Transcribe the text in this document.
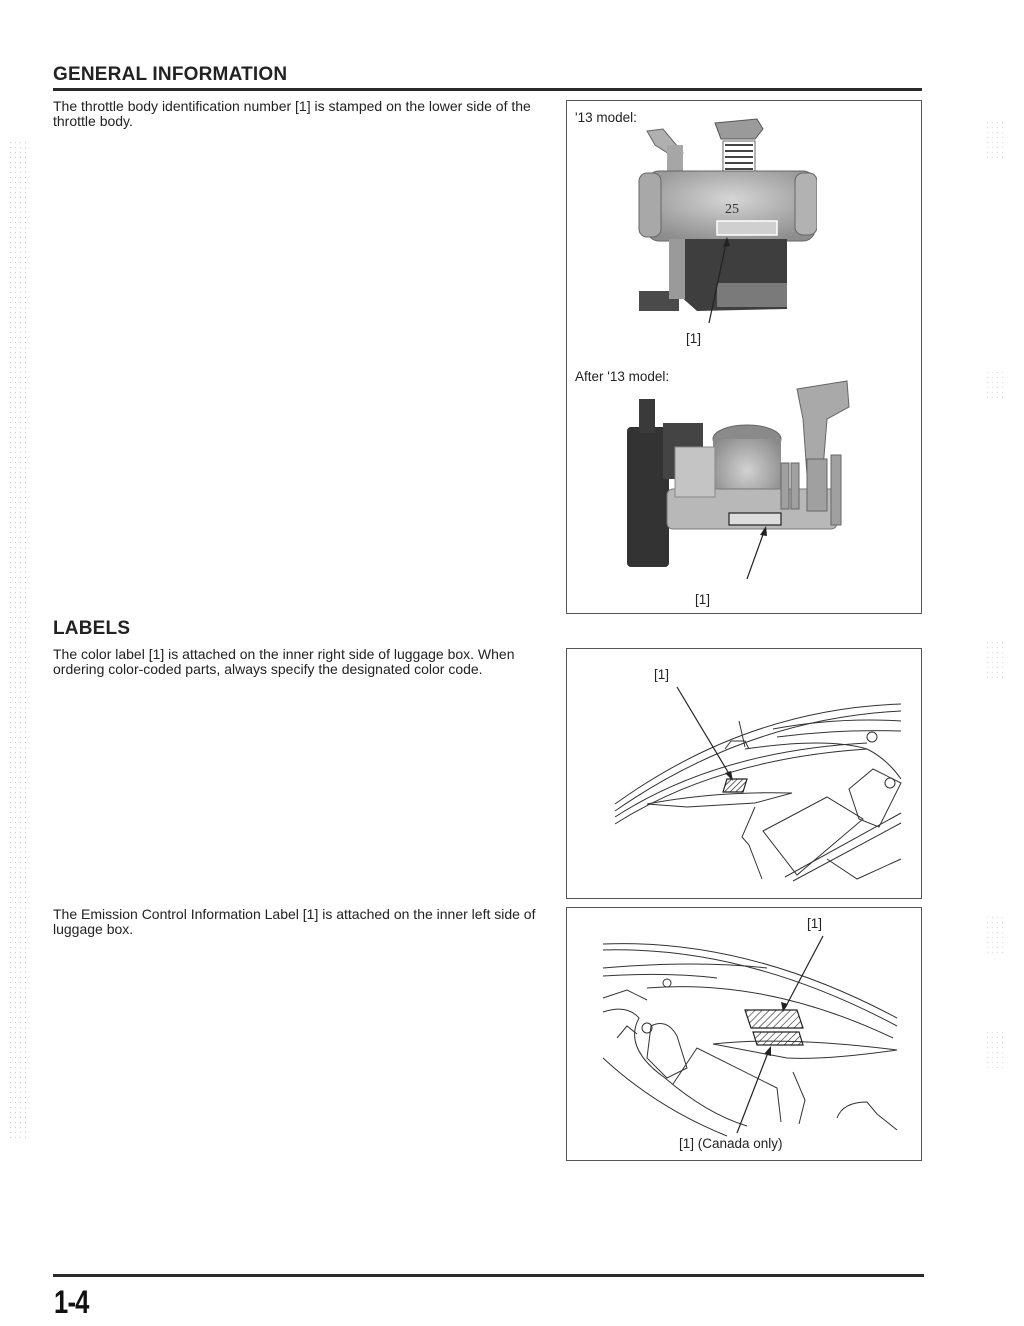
GENERAL INFORMATION
The throttle body identification number [1] is stamped on the lower side of the throttle body.	'13 model:
25
[1]
After '13 model:
[1]
LABELS
The color label [1] is attached on the inner right side of luggage box. When ordering color-coded parts, always specify the designated color code.	[1]
The Emission Control Information Label [1] is attached on the inner left side of luggage box.	[1]
[1] (Canada only)
1-4
